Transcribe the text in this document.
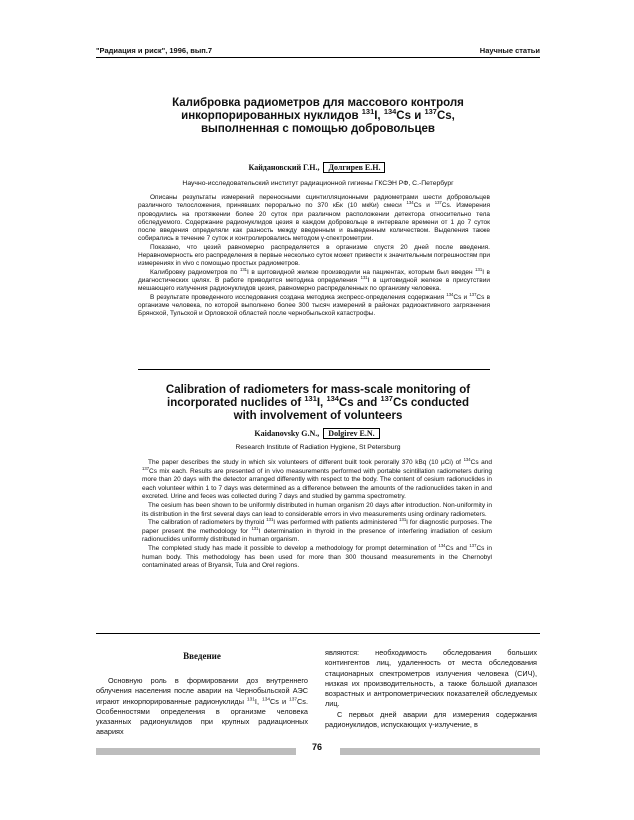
"Радиация и риск", 1996, вып.7	Научные статьи
Калибровка радиометров для массового контроля
инкорпорированных нуклидов $^{131}$I, $^{134}$Cs и $^{137}$Cs,
выполненная с помощью добровольцев
Кайдановский Г.Н., Долгирев Е.Н.
Научно-исследовательский институт радиационной гигиены ГКСЭН РФ, С.-Петербург

Описаны результаты измерений переносными сцинтилляционными радиометрами шести добровольцев различного телосложения, принявших перорально по 370 кБк (10 мкКи) смеси $^{134}$Cs и $^{137}$Cs. Измерения проводились на протяжении более 20 суток при различном расположении детектора относительно тела обследуемого. Содержание радионуклидов цезия в каждом добровольце в интервале времени от 1 до 7 суток после введения определяли как разность между введенным и выведенным количеством. Выделения также собирались в течение 7 суток и контролировались методом γ-спектрометрии.

Показано, что цезий равномерно распределяется в организме спустя 20 дней после введения. Неравномерность его распределения в первые несколько суток может привести к значительным погрешностям при измерениях in vivo с помощью простых радиометров.

Калибровку радиометров по $^{131}$I в щитовидной железе производили на пациентах, которым был введен $^{131}$I в диагностических целях. В работе приводится методика определения $^{131}$I в щитовидной железе в присутствии мешающего излучения радионуклидов цезия, равномерно распределенных по организму человека.

В результате проведенного исследования создана методика экспресс-определения содержания $^{134}$Cs и $^{137}$Cs в организме человека, по которой выполнено более 300 тысяч измерений в районах радиоактивного загрязнения Брянской, Тульской и Орловской областей после чернобыльской катастрофы.

Calibration of radiometers for mass-scale monitoring of
incorporated nuclides of $^{131}$I, $^{134}$Cs and $^{137}$Cs conducted
with involvement of volunteers
Kaidanovsky G.N., Dolgirev E.N.
Research Institute of Radiation Hygiene, St Petersburg

The paper describes the study in which six volunteers of different built took perorally 370 kBq (10 μCi) of $^{134}$Cs and $^{137}$Cs mix each. Results are presented of in vivo measurements performed with portable scintillation radiometers during more than 20 days with the detector arranged differently with respect to the body. The content of cesium radionuclides in each volunteer within 1 to 7 days was determined as a difference between the amounts of the radionuclides taken in and excreted. Urine and feces was collected during 7 days and studied by gamma spectrometry.

The cesium has been shown to be uniformly distributed in human organism 20 days after introduction. Non-uniformity in its distribution in the first several days can lead to considerable errors in vivo measurements using ordinary radiometers.

The calibration of radiometers by thyroid $^{131}$I was performed with patients administered $^{131}$I for diagnostic purposes. The paper present the methodology for $^{131}$I determination in thyroid in the presence of interfering irradiation of cesium radionuclides uniformly distributed in human organism.

The completed study has made it possible to develop a methodology for prompt determination of $^{134}$Cs and $^{137}$Cs in human body. This methodology has been used for more than 300 thousand measurements in the Chernobyl contaminated areas of Bryansk, Tula and Orel regions.

Введение

Основную роль в формировании доз внутреннего облучения населения после аварии на Чернобыльской АЭС играют инкорпорированные радионуклиды $^{131}$I, $^{134}$Cs и $^{137}$Cs. Особенностями определения в организме человека указанных радионуклидов при крупных радиационных авариях

являются: необходимость обследования больших контингентов лиц, удаленность от места обследования стационарных спектрометров излучения человека (СИЧ), низкая их производительность, а также большой диапазон возрастных и антропометрических показателей обследуемых лиц.

С первых дней аварии для измерения содержания радионуклидов, испускающих γ-излучение, в

76
